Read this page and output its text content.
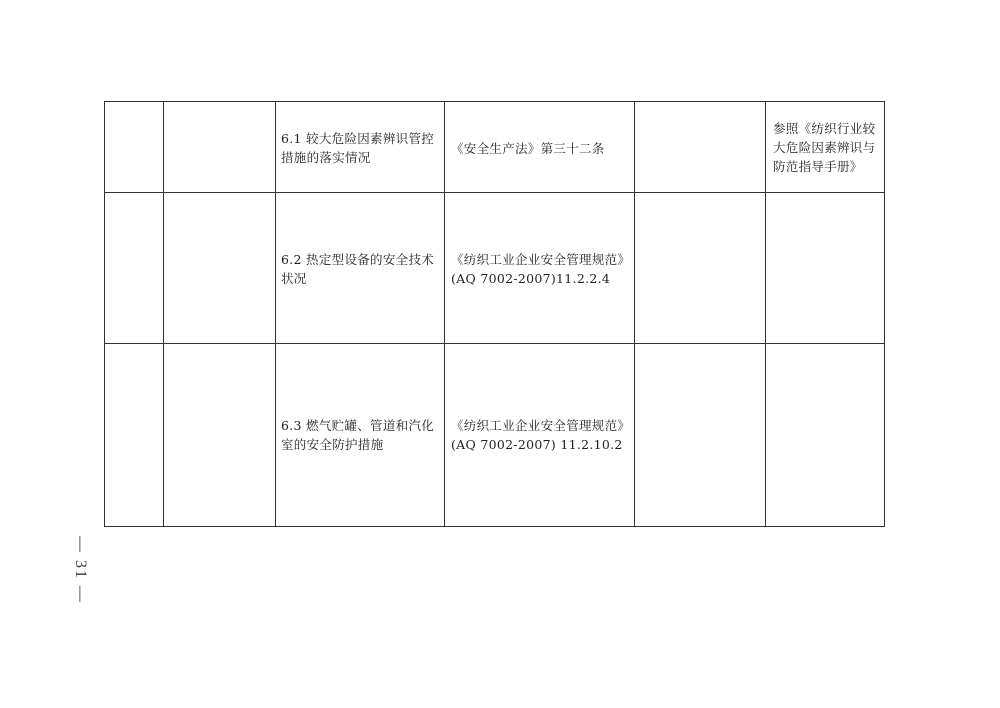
6.1 较大危险因素辨识管控措施的落实情况
《安全生产法》第三十二条
参照《纺织行业较大危险因素辨识与防范指导手册》
6.2 热定型设备的安全技术状况
《纺织工业企业安全管理规范》(AQ 7002-2007)11.2.2.4
6.3 燃气贮罐、管道和汽化室的安全防护措施
《纺织工业企业安全管理规范》(AQ 7002-2007) 11.2.10.2
— 31 —
